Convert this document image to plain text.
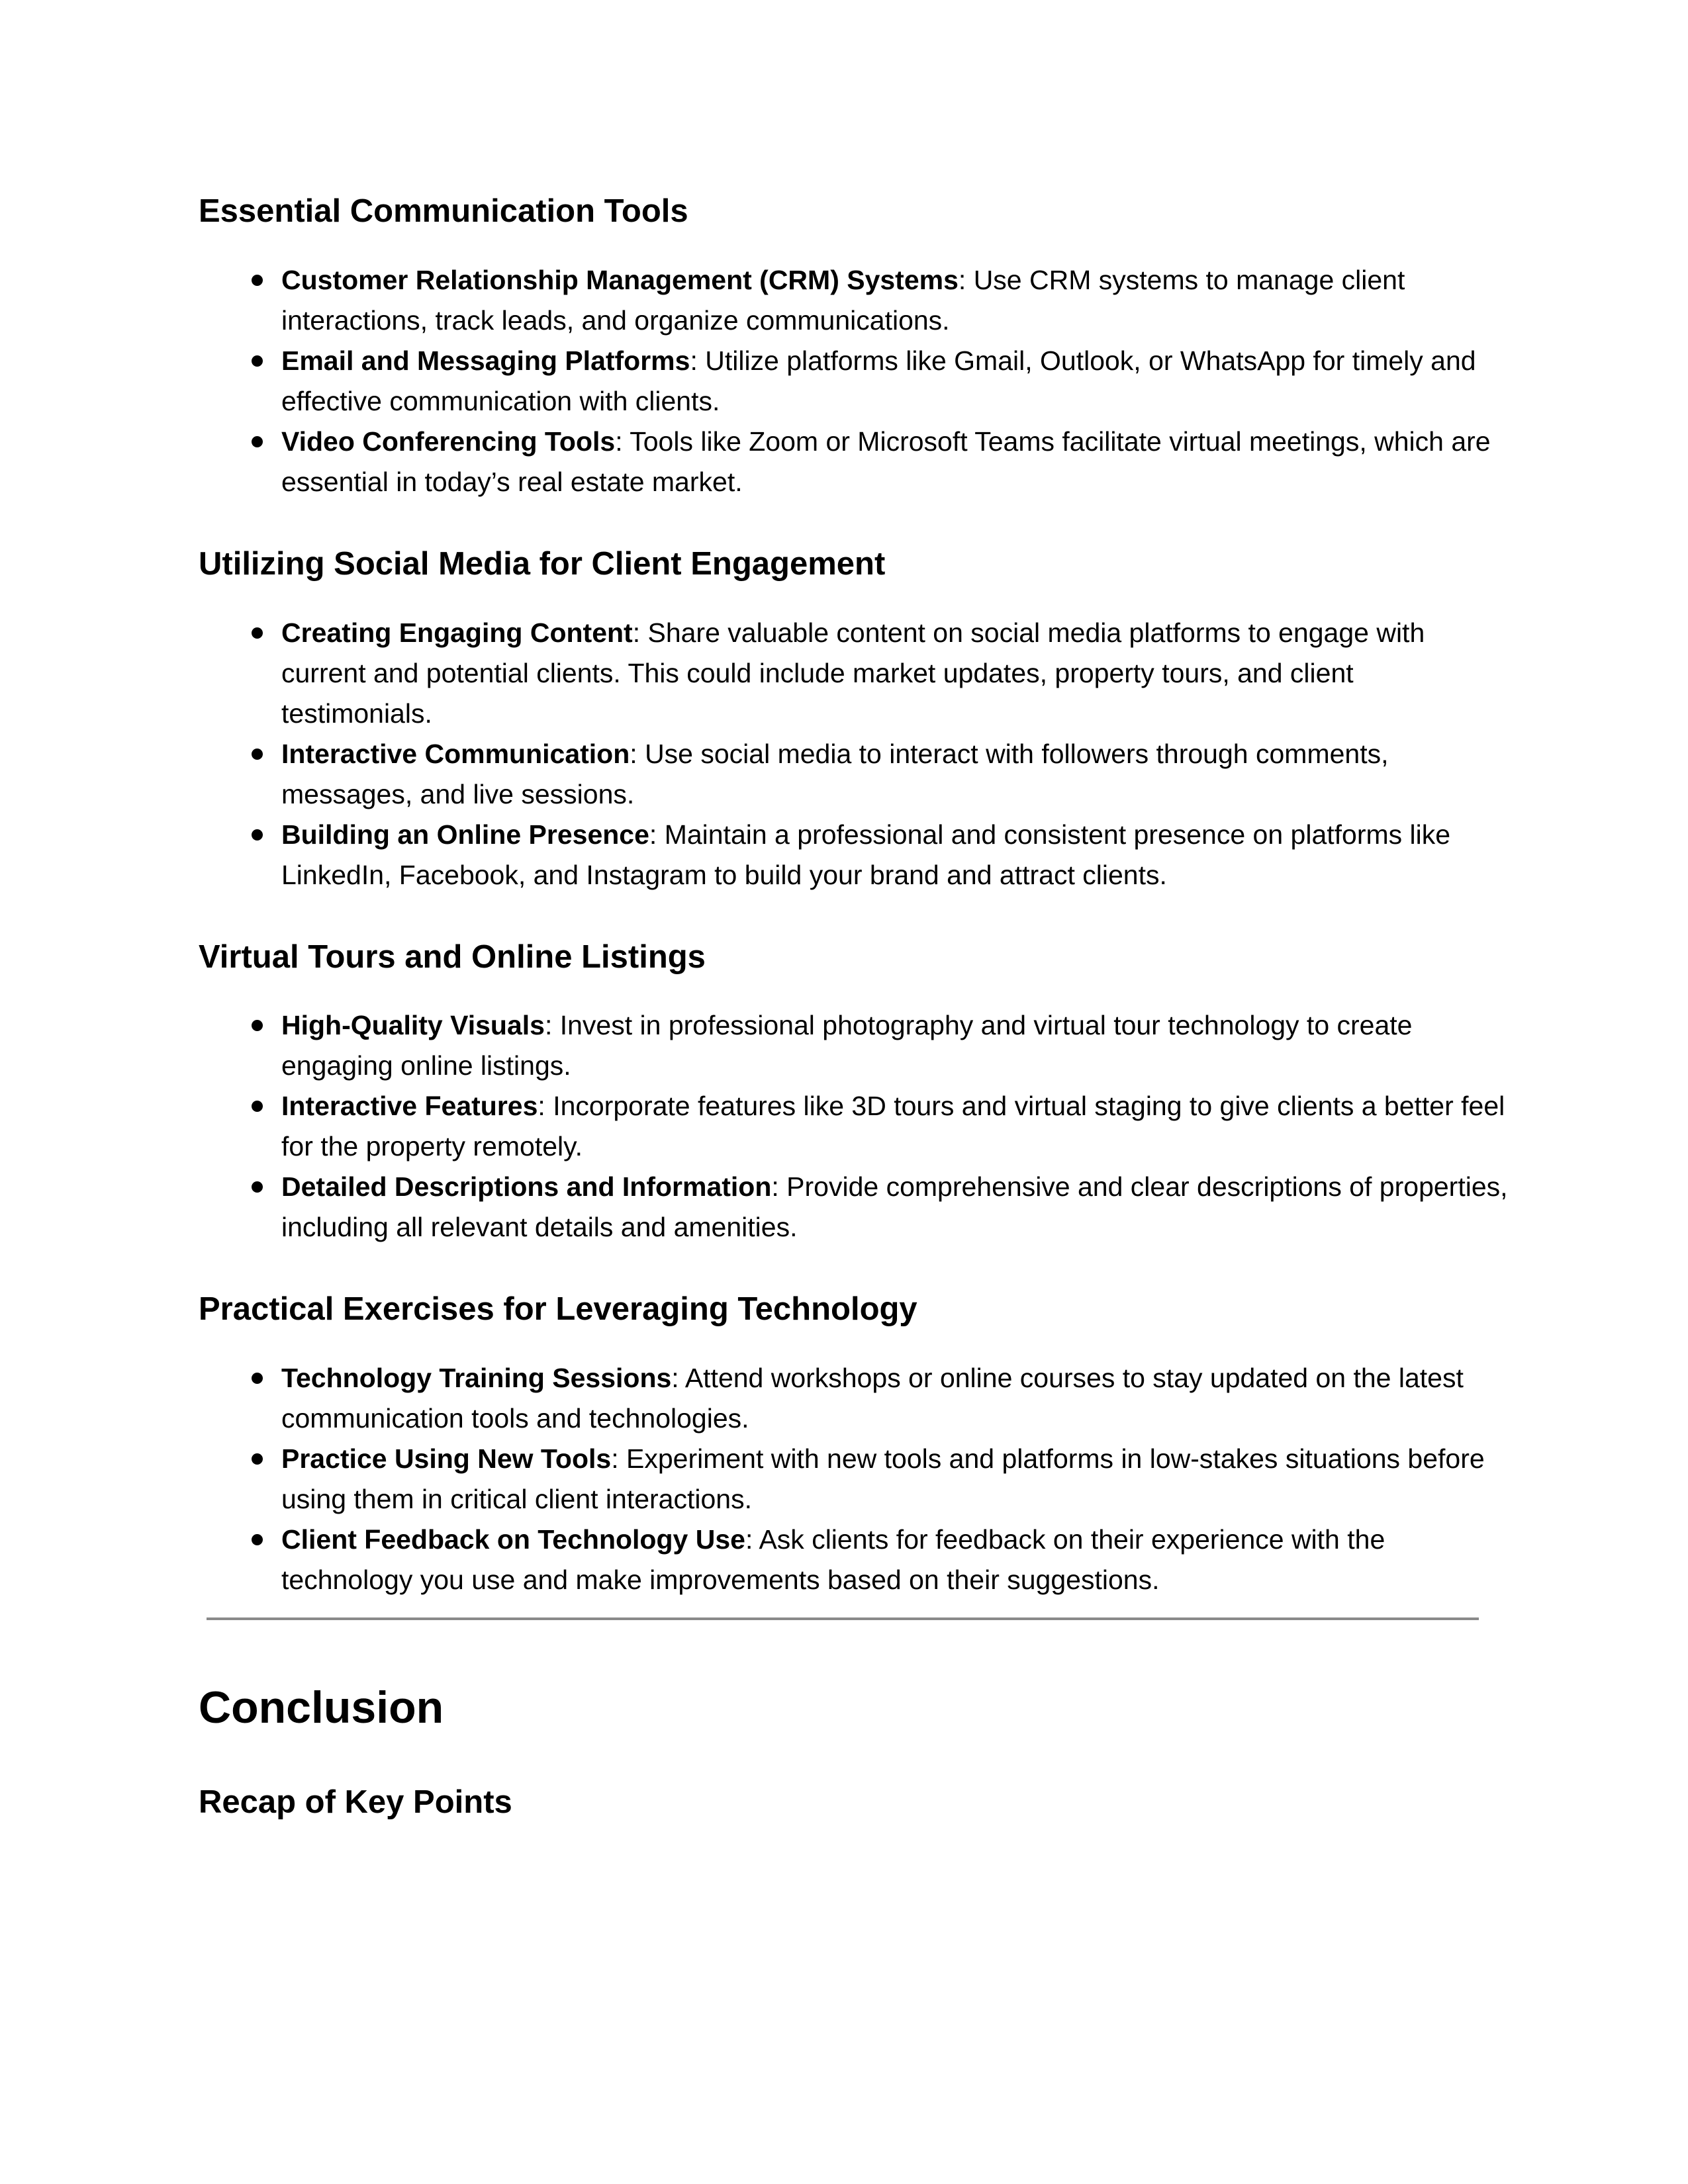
Essential Communication Tools
Customer Relationship Management (CRM) Systems: Use CRM systems to manage client interactions, track leads, and organize communications.
Email and Messaging Platforms: Utilize platforms like Gmail, Outlook, or WhatsApp for timely and effective communication with clients.
Video Conferencing Tools: Tools like Zoom or Microsoft Teams facilitate virtual meetings, which are essential in today’s real estate market.
Utilizing Social Media for Client Engagement
Creating Engaging Content: Share valuable content on social media platforms to engage with current and potential clients. This could include market updates, property tours, and client testimonials.
Interactive Communication: Use social media to interact with followers through comments, messages, and live sessions.
Building an Online Presence: Maintain a professional and consistent presence on platforms like LinkedIn, Facebook, and Instagram to build your brand and attract clients.
Virtual Tours and Online Listings
High-Quality Visuals: Invest in professional photography and virtual tour technology to create engaging online listings.
Interactive Features: Incorporate features like 3D tours and virtual staging to give clients a better feel for the property remotely.
Detailed Descriptions and Information: Provide comprehensive and clear descriptions of properties, including all relevant details and amenities.
Practical Exercises for Leveraging Technology
Technology Training Sessions: Attend workshops or online courses to stay updated on the latest communication tools and technologies.
Practice Using New Tools: Experiment with new tools and platforms in low-stakes situations before using them in critical client interactions.
Client Feedback on Technology Use: Ask clients for feedback on their experience with the technology you use and make improvements based on their suggestions.
Conclusion
Recap of Key Points
